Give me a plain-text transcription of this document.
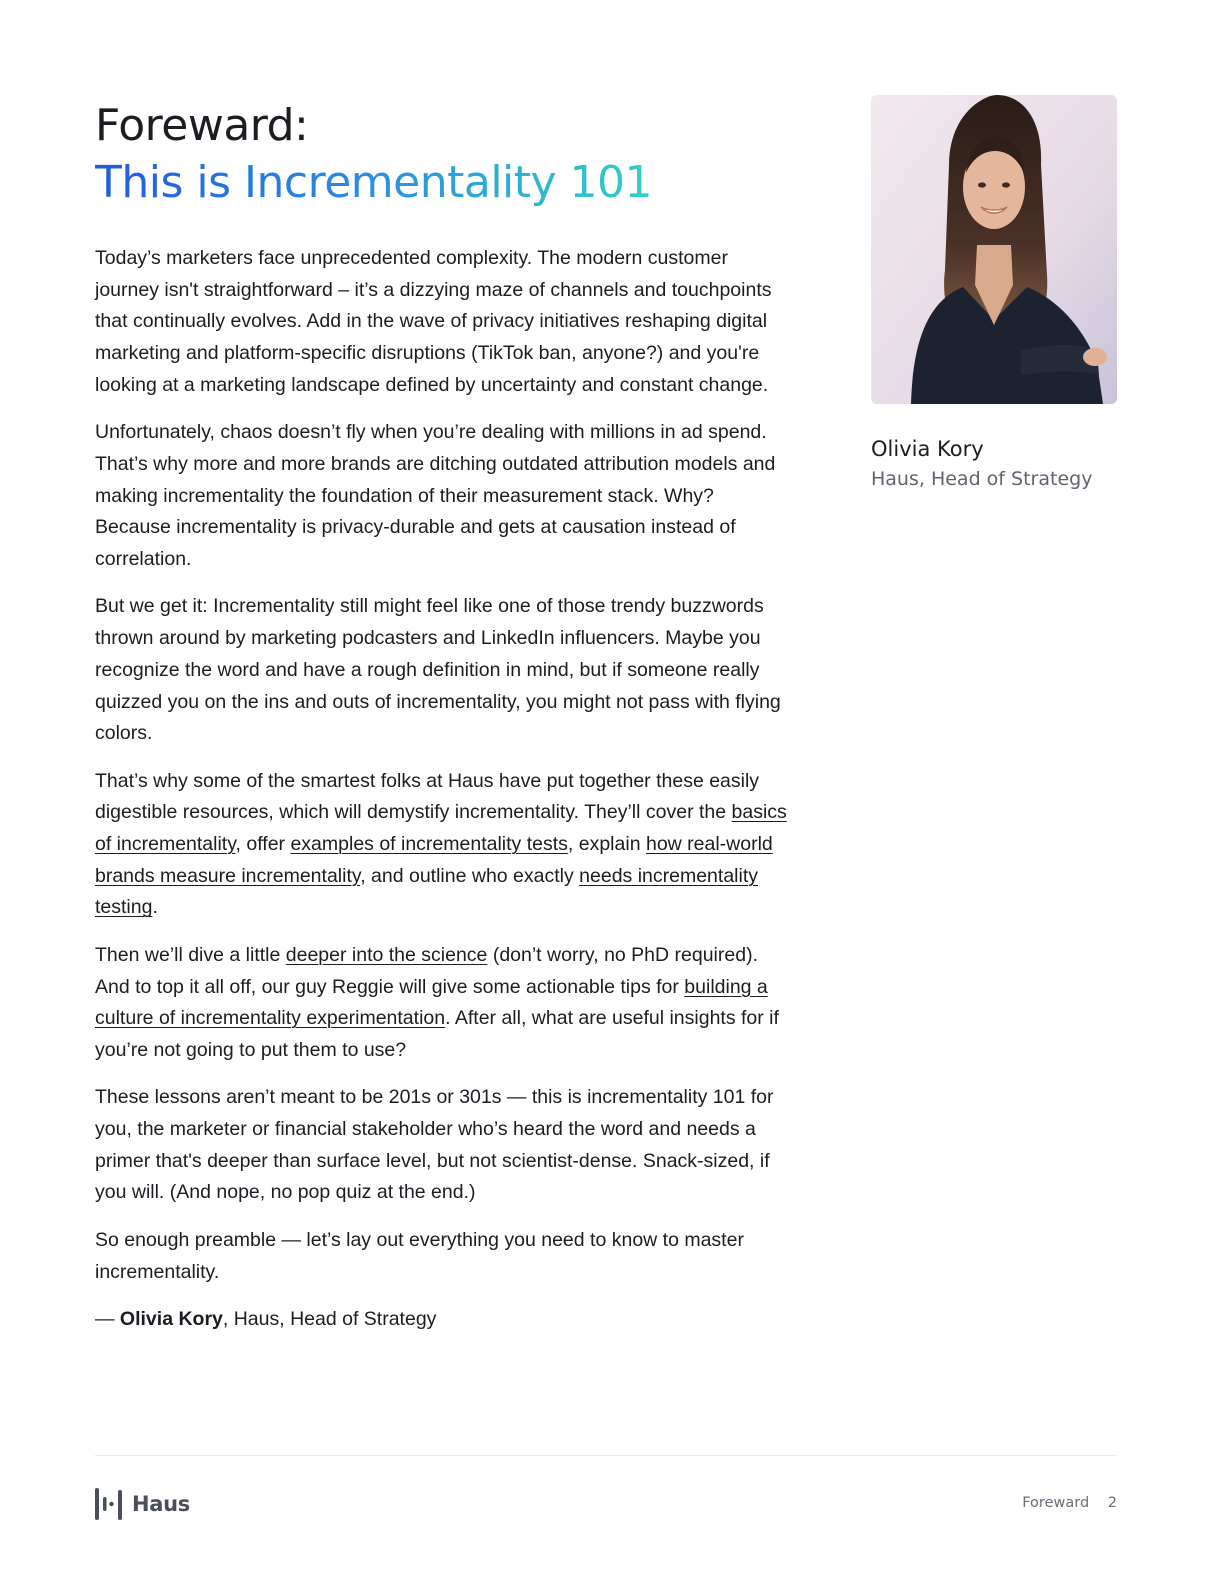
Foreward:
This is Incrementality 101

Today’s marketers face unprecedented complexity. The modern customer journey isn't straightforward – it’s a dizzying maze of channels and touchpoints that continually evolves. Add in the wave of privacy initiatives reshaping digital marketing and platform-specific disruptions (TikTok ban, anyone?) and you're looking at a marketing landscape defined by uncertainty and constant change.

Unfortunately, chaos doesn’t fly when you’re dealing with millions in ad spend. That’s why more and more brands are ditching outdated attribution models and making incrementality the foundation of their measurement stack. Why? Because incrementality is privacy-durable and gets at causation instead of correlation.

But we get it: Incrementality still might feel like one of those trendy buzzwords thrown around by marketing podcasters and LinkedIn influencers. Maybe you recognize the word and have a rough definition in mind, but if someone really quizzed you on the ins and outs of incrementality, you might not pass with flying colors.

That’s why some of the smartest folks at Haus have put together these easily digestible resources, which will demystify incrementality. They’ll cover the basics of incrementality, offer examples of incrementality tests, explain how real-world brands measure incrementality, and outline who exactly needs incrementality testing.

Then we’ll dive a little deeper into the science (don’t worry, no PhD required). And to top it all off, our guy Reggie will give some actionable tips for building a culture of incrementality experimentation. After all, what are useful insights for if you’re not going to put them to use?

These lessons aren’t meant to be 201s or 301s — this is incrementality 101 for you, the marketer or financial stakeholder who’s heard the word and needs a primer that's deeper than surface level, but not scientist-dense. Snack-sized, if you will. (And nope, no pop quiz at the end.)

So enough preamble — let’s lay out everything you need to know to master incrementality.

— Olivia Kory, Haus, Head of Strategy

Olivia Kory
Haus, Head of Strategy
Haus	Foreward 2
